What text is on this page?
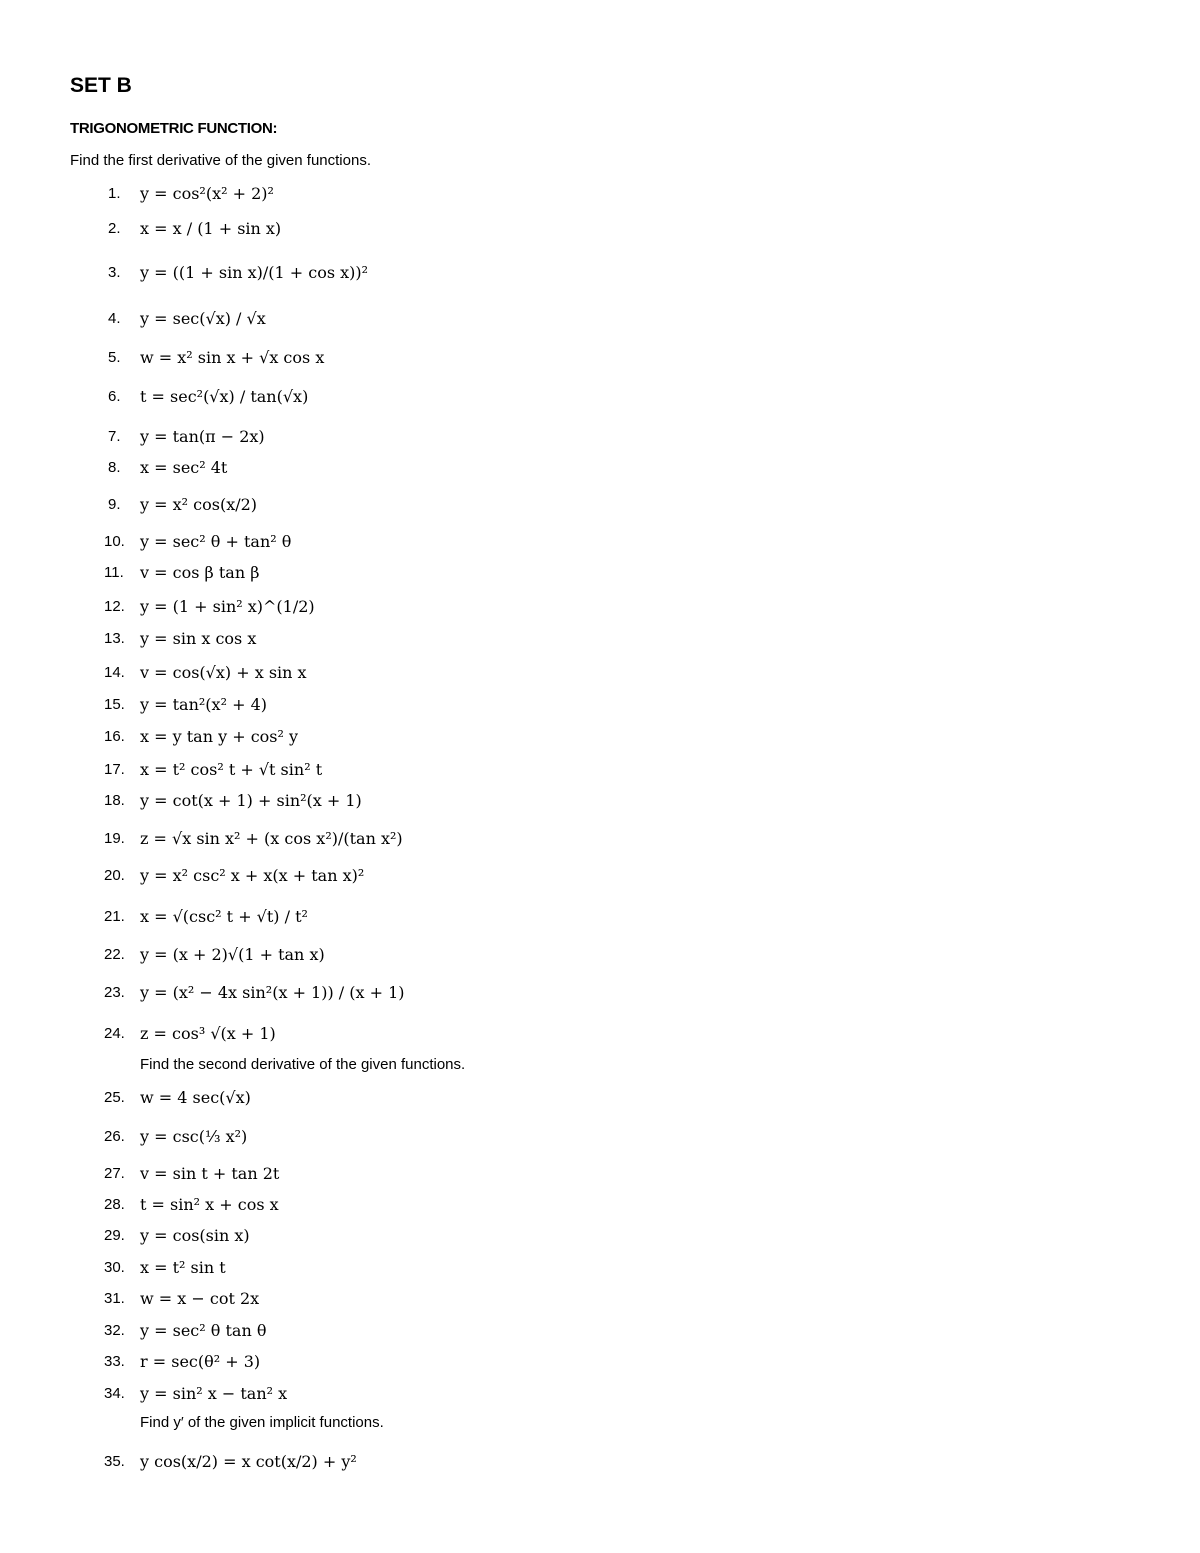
SET B
TRIGONOMETRIC FUNCTION:
Find the first derivative of the given functions.
1.	y = cos²(x² + 2)²
2.	x = x / (1 + sin x)
3.	y = ((1 + sin x)/(1 + cos x))²
4.	y = sec(√x) / √x
5.	w = x² sin x + √x cos x
6.	t = sec²(√x) / tan(√x)
7.	y = tan(π − 2x)
8.	x = sec² 4t
9.	y = x² cos(x/2)
10. y = sec² θ + tan² θ
11.	v = cos β tan β
12. y = (1 + sin² x)^(1/2)
13. y = sin x cos x
14. v = cos(√x) + x sin x
15. y = tan²(x² + 4)
16. x = y tan y + cos² y
17. x = t² cos² t + √t sin² t
18. y = cot(x + 1) + sin²(x + 1)
19. z = √x sin x² + (x cos x²)/(tan x²)
20. y = x² csc² x + x(x + tan x)²
21. x = √(csc² t + √t) / t²
22. y = (x + 2)√(1 + tan x)
23. y = (x² − 4x sin²(x + 1)) / (x + 1)
24. z = cos³ √(x + 1)
25. w = 4 sec(√x)
26. y = csc(⅓ x²)
27. v = sin t + tan 2t
28. t = sin² x + cos x
29. y = cos(sin x)
30. x = t² sin t
31. w = x − cot 2x
32. y = sec² θ tan θ
33. r = sec(θ² + 3)
34. y = sin² x − tan² x
35. y cos(x/2) = x cot(x/2) + y²
Find the second derivative of the given functions.
Find y′ of the given implicit functions.
